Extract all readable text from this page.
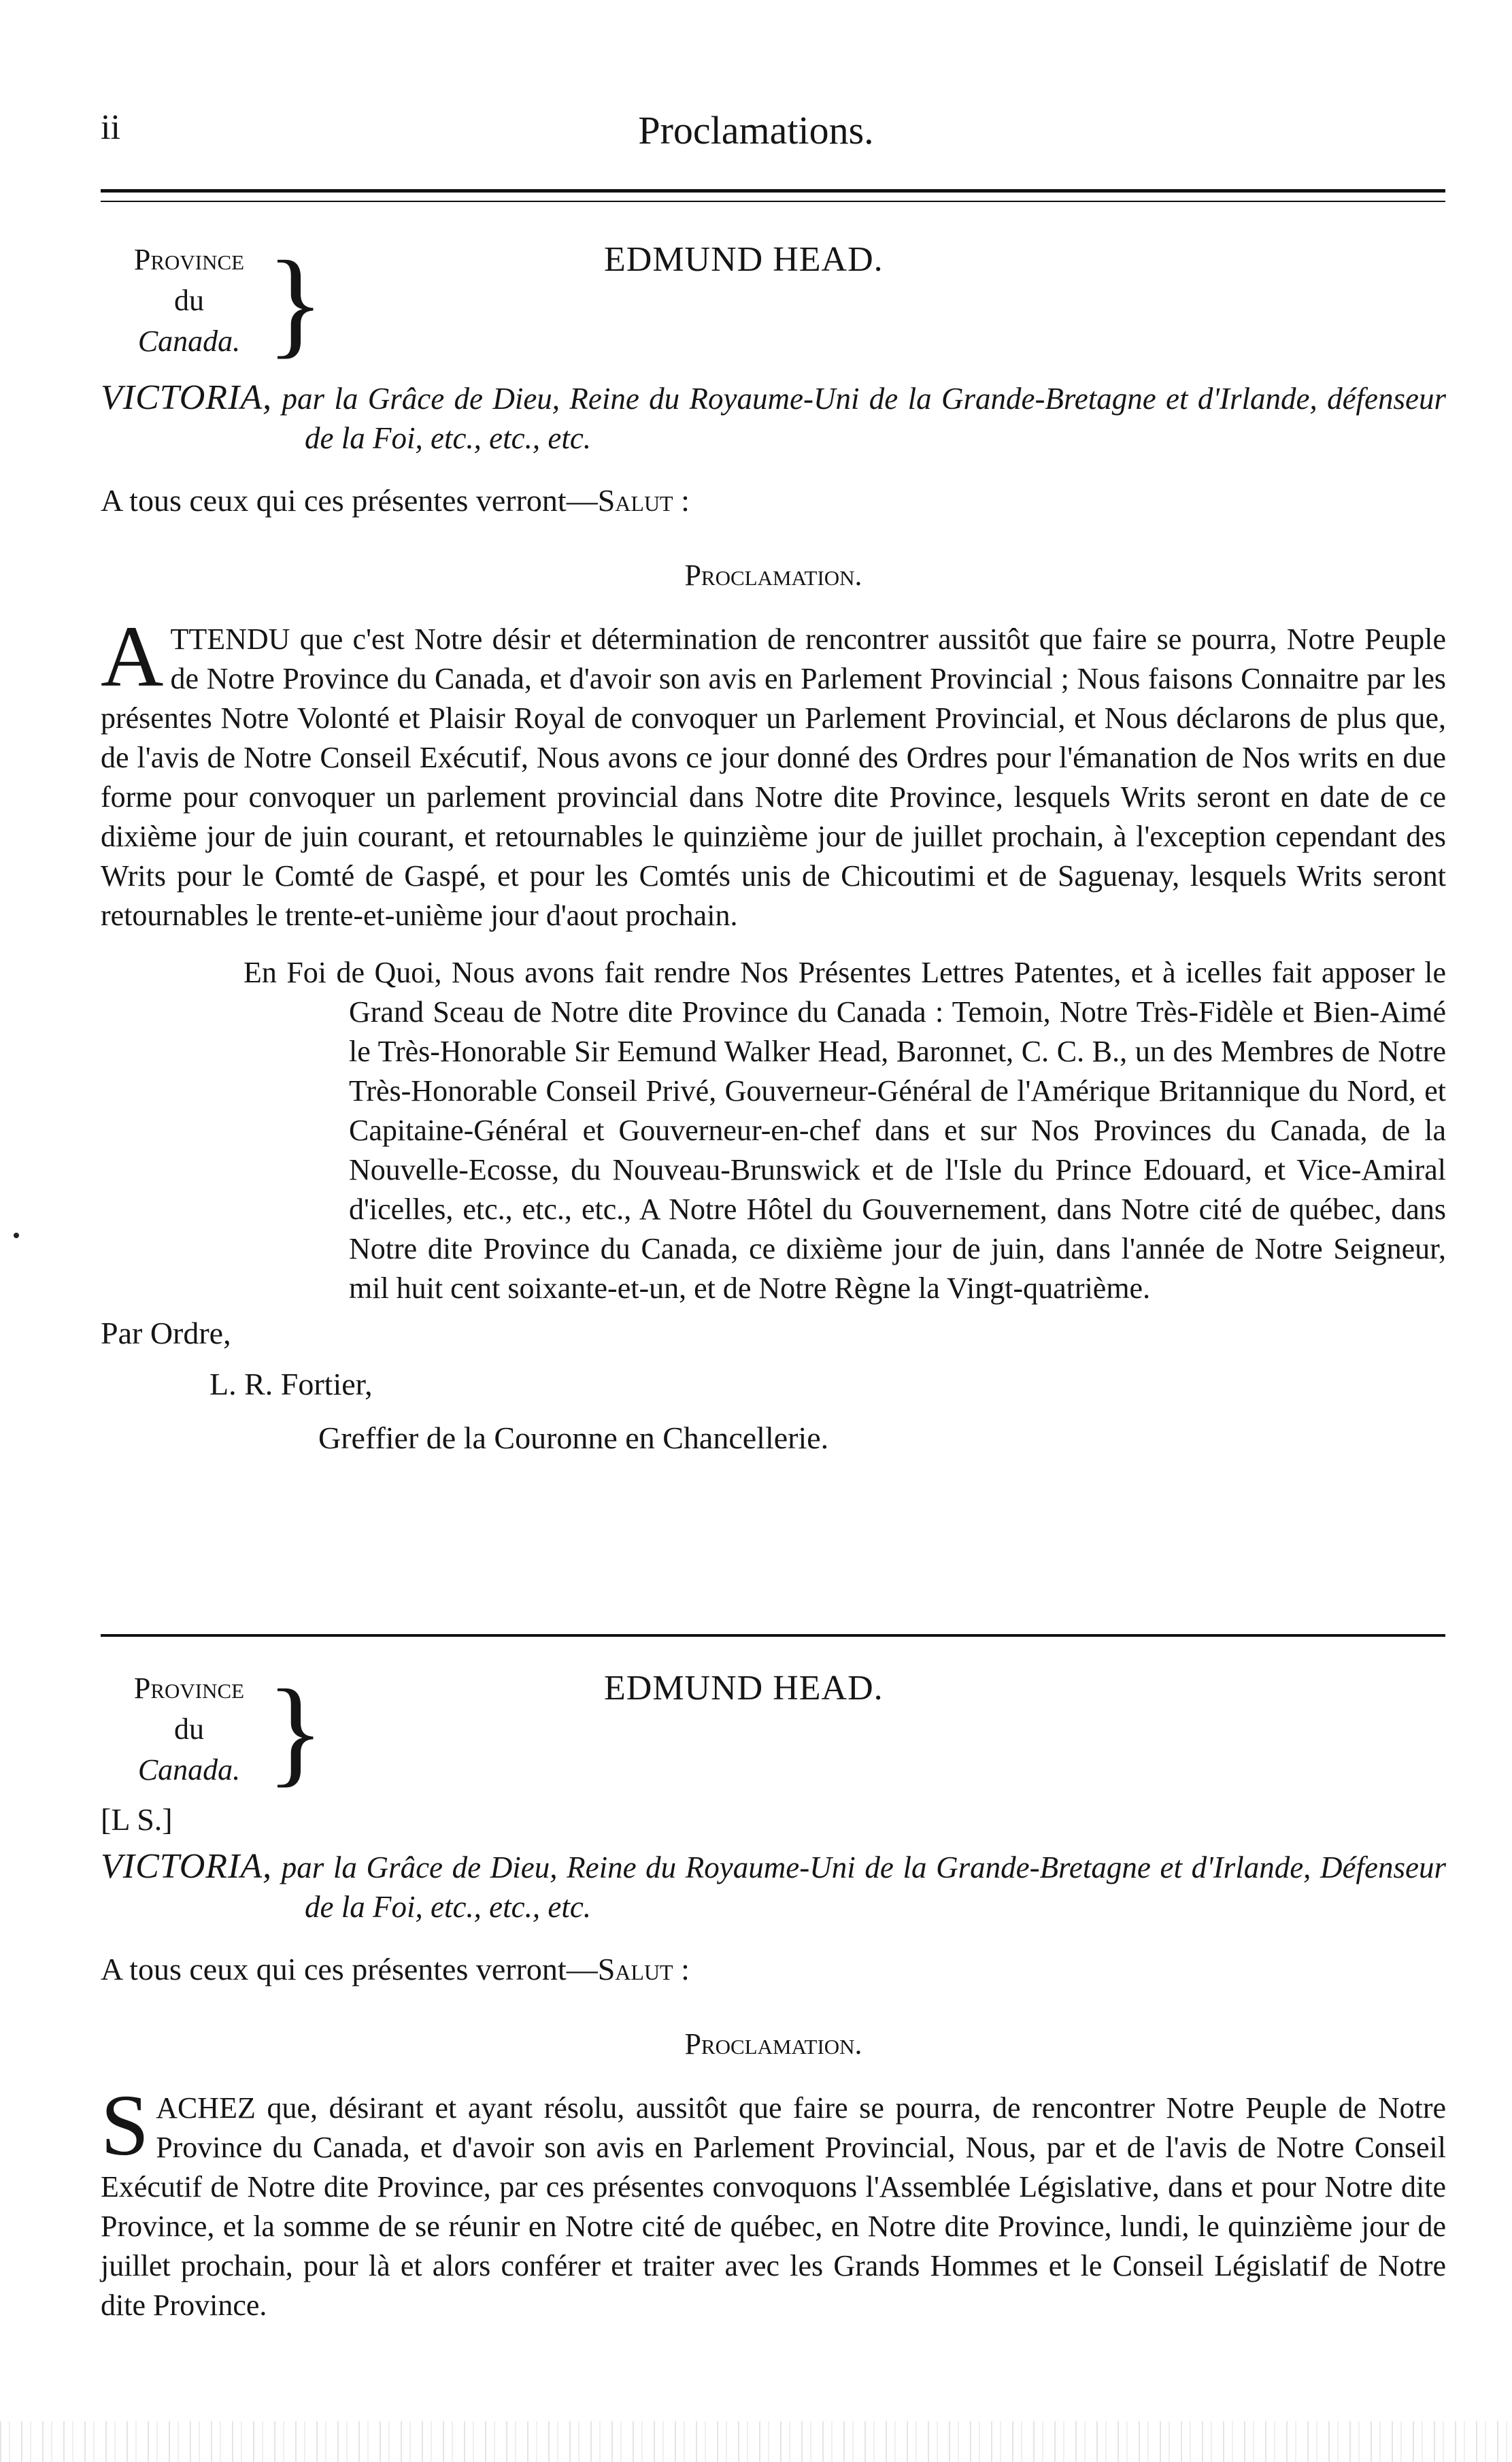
ii	Proclamations.
Province
du
Canada. }	EDMUND HEAD.
VICTORIA, par la Grâce de Dieu, Reine du Royaume-Uni de la Grande-Bretagne et d'Irlande, défenseur de la Foi, etc., etc., etc.
A tous ceux qui ces présentes verront—Salut :
Proclamation.
ATTENDU que c'est Notre désir et détermination de rencontrer aussitôt que faire se pourra, Notre Peuple de Notre Province du Canada, et d'avoir son avis en Parlement Provincial ; Nous faisons Connaitre par les présentes Notre Volonté et Plaisir Royal de convoquer un Parlement Provincial, et Nous déclarons de plus que, de l'avis de Notre Conseil Exécutif, Nous avons ce jour donné des Ordres pour l'émanation de Nos writs en due forme pour convoquer un parlement provincial dans Notre dite Province, lesquels Writs seront en date de ce dixième jour de juin courant, et retournables le quinzième jour de juillet prochain, à l'exception cependant des Writs pour le Comté de Gaspé, et pour les Comtés unis de Chicoutimi et de Saguenay, lesquels Writs seront retournables le trente-et-unième jour d'aout prochain.
En Foi de Quoi, Nous avons fait rendre Nos Présentes Lettres Patentes, et à icelles fait apposer le Grand Sceau de Notre dite Province du Canada : Temoin, Notre Très-Fidèle et Bien-Aimé le Très-Honorable Sir Eemund Walker Head, Baronnet, C. C. B., un des Membres de Notre Très-Honorable Conseil Privé, Gouverneur-Général de l'Amérique Britannique du Nord, et Capitaine-Général et Gouverneur-en-chef dans et sur Nos Provinces du Canada, de la Nouvelle-Ecosse, du Nouveau-Brunswick et de l'Isle du Prince Edouard, et Vice-Amiral d'icelles, etc., etc., etc., A Notre Hôtel du Gouvernement, dans Notre cité de québec, dans Notre dite Province du Canada, ce dixième jour de juin, dans l'année de Notre Seigneur, mil huit cent soixante-et-un, et de Notre Règne la Vingt-quatrième.
Par Ordre,
L. R. Fortier,
Greffier de la Couronne en Chancellerie.
Province
du
Canada. }	EDMUND HEAD.
[L S.]
VICTORIA, par la Grâce de Dieu, Reine du Royaume-Uni de la Grande-Bretagne et d'Irlande, Défenseur de la Foi, etc., etc., etc.
A tous ceux qui ces présentes verront—Salut :
Proclamation.
SACHEZ que, désirant et ayant résolu, aussitôt que faire se pourra, de rencontrer Notre Peuple de Notre Province du Canada, et d'avoir son avis en Parlement Provincial, Nous, par et de l'avis de Notre Conseil Exécutif de Notre dite Province, par ces présentes convoquons l'Assemblée Législative, dans et pour Notre dite Province, et la somme de se réunir en Notre cité de québec, en Notre dite Province, lundi, le quinzième jour de juillet prochain, pour là et alors conférer et traiter avec les Grands Hommes et le Conseil Législatif de Notre dite Province.
